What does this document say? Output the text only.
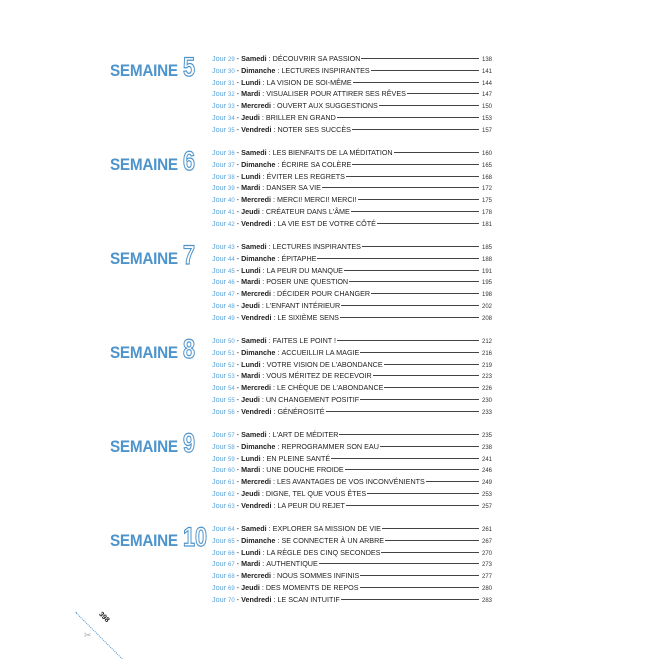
SEMAINE 5 Jour 29 - Samedi : DÉCOUVRIR SA PASSION	138
Jour 30 - Dimanche : LECTURES INSPIRANTES	141
Jour 31 - Lundi : LA VISION DE SOI-MÊME	144
Jour 32 - Mardi : VISUALISER POUR ATTIRER SES RÊVES	147
Jour 33 - Mercredi : OUVERT AUX SUGGESTIONS	150
Jour 34 - Jeudi : BRILLER EN GRAND	153
Jour 35 - Vendredi : NOTER SES SUCCÈS	157
SEMAINE 6 Jour 36 - Samedi : LES BIENFAITS DE LA MÉDITATION	160
Jour 37 - Dimanche : ÉCRIRE SA COLÈRE	165
Jour 38 - Lundi : ÉVITER LES REGRETS	168
Jour 39 - Mardi : DANSER SA VIE	172
Jour 40 - Mercredi : MERCI! MERCI! MERCI!	175
Jour 41 - Jeudi : CRÉATEUR DANS L'ÂME	178
Jour 42 - Vendredi : LA VIE EST DE VOTRE CÔTÉ	181
SEMAINE 7 Jour 43 - Samedi : LECTURES INSPIRANTES	185
Jour 44 - Dimanche : ÉPITAPHE	188
Jour 45 - Lundi : LA PEUR DU MANQUE	191
Jour 46 - Mardi : POSER UNE QUESTION	195
Jour 47 - Mercredi : DÉCIDER POUR CHANGER	198
Jour 48 - Jeudi : L'ENFANT INTÉRIEUR	202
Jour 49 - Vendredi : LE SIXIÈME SENS	208
SEMAINE 8 Jour 50 - Samedi : FAITES LE POINT !	212
Jour 51 - Dimanche : ACCUEILLIR LA MAGIE	216
Jour 52 - Lundi : VOTRE VISION DE L'ABONDANCE	219
Jour 53 - Mardi : VOUS MÉRITEZ DE RECEVOIR	223
Jour 54 - Mercredi : LE CHÈQUE DE L'ABONDANCE	226
Jour 55 - Jeudi : UN CHANGEMENT POSITIF	230
Jour 56 - Vendredi : GÉNÉROSITÉ	233
SEMAINE 9 Jour 57 - Samedi : L'ART DE MÉDITER	235
Jour 58 - Dimanche : REPROGRAMMER SON EAU	238
Jour 59 - Lundi : EN PLEINE SANTÉ	241
Jour 60 - Mardi : UNE DOUCHE FROIDE	246
Jour 61 - Mercredi : LES AVANTAGES DE VOS INCONVÉNIENTS	249
Jour 62 - Jeudi : DIGNE, TEL QUE VOUS ÊTES	253
Jour 63 - Vendredi : LA PEUR DU REJET	257
SEMAINE 10 Jour 64 - Samedi : EXPLORER SA MISSION DE VIE	261
Jour 65 - Dimanche : SE CONNECTER À UN ARBRE	267
Jour 66 - Lundi : LA RÈGLE DES CINQ SECONDES	270
Jour 67 - Mardi : AUTHENTIQUE	273
Jour 68 - Mercredi : NOUS SOMMES INFINIS	277
Jour 69 - Jeudi : DES MOMENTS DE REPOS	280
Jour 70 - Vendredi : LE SCAN INTUITIF	283
398
✂
